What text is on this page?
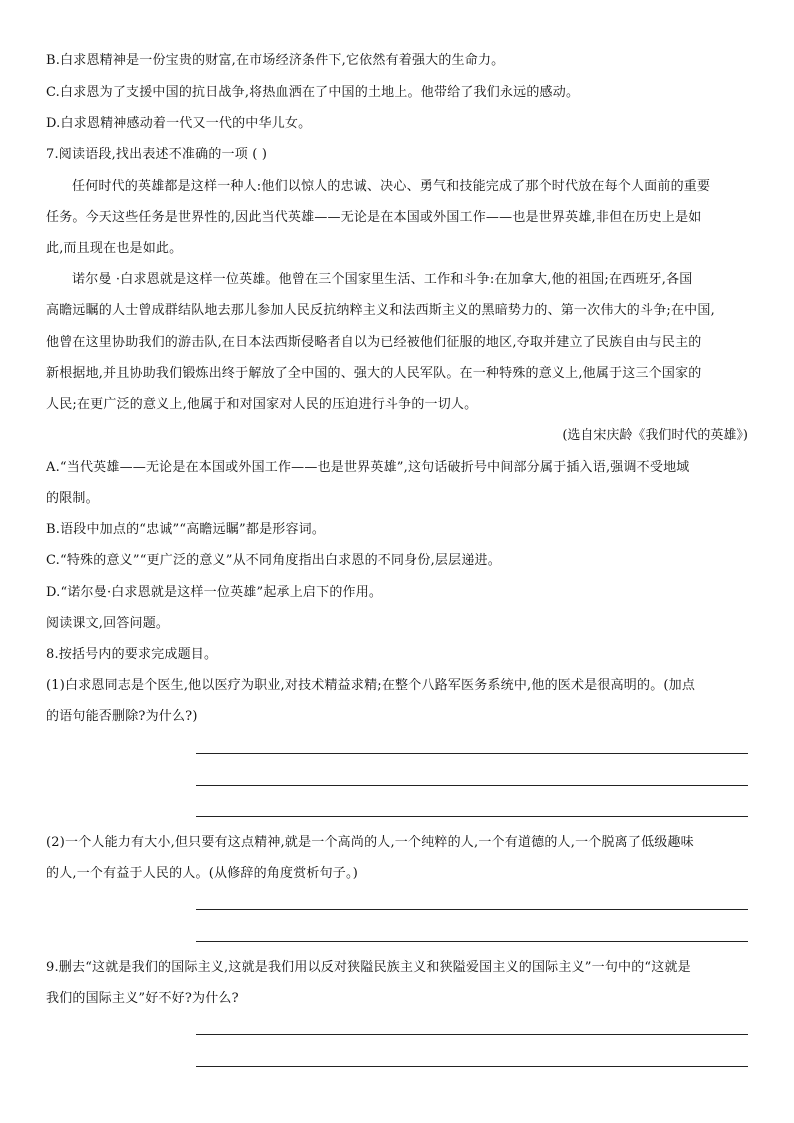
B.白求恩精神是一份宝贵的财富,在市场经济条件下,它依然有着强大的生命力。
C.白求恩为了支援中国的抗日战争,将热血洒在了中国的土地上。他带给了我们永远的感动。
D.白求恩精神感动着一代又一代的中华儿女。
7.阅读语段,找出表述不准确的一项 ( )
任何时代的英雄都是这样一种人:他们以惊人的忠诚、决心、勇气和技能完成了那个时代放在每个人面前的重要
任务。今天这些任务是世界性的,因此当代英雄——无论是在本国或外国工作——也是世界英雄,非但在历史上是如
此,而且现在也是如此。
诺尔曼 ·白求恩就是这样一位英雄。他曾在三个国家里生活、工作和斗争:在加拿大,他的祖国;在西班牙,各国
高瞻远瞩的人士曾成群结队地去那儿参加人民反抗纳粹主义和法西斯主义的黑暗势力的、第一次伟大的斗争;在中国,
他曾在这里协助我们的游击队,在日本法西斯侵略者自以为已经被他们征服的地区,夺取并建立了民族自由与民主的
新根据地,并且协助我们锻炼出终于解放了全中国的、强大的人民军队。在一种特殊的意义上,他属于这三个国家的
人民;在更广泛的意义上,他属于和对国家对人民的压迫进行斗争的一切人。
(选自宋庆龄《我们时代的英雄》)
A.“当代英雄——无论是在本国或外国工作——也是世界英雄”,这句话破折号中间部分属于插入语,强调不受地域
的限制。
B.语段中加点的“忠诚”“高瞻远瞩”都是形容词。
C.“特殊的意义”“更广泛的意义”从不同角度指出白求恩的不同身份,层层递进。
D.“诺尔曼·白求恩就是这样一位英雄”起承上启下的作用。
阅读课文,回答问题。
8.按括号内的要求完成题目。
(1)白求恩同志是个医生,他以医疗为职业,对技术精益求精;在整个八路军医务系统中,他的医术是很高明的。(加点
的语句能否删除?为什么?)
(2)一个人能力有大小,但只要有这点精神,就是一个高尚的人,一个纯粹的人,一个有道德的人,一个脱离了低级趣味
的人,一个有益于人民的人。(从修辞的角度赏析句子。)
9.删去“这就是我们的国际主义,这就是我们用以反对狭隘民族主义和狭隘爱国主义的国际主义”一句中的“这就是
我们的国际主义”好不好?为什么?
